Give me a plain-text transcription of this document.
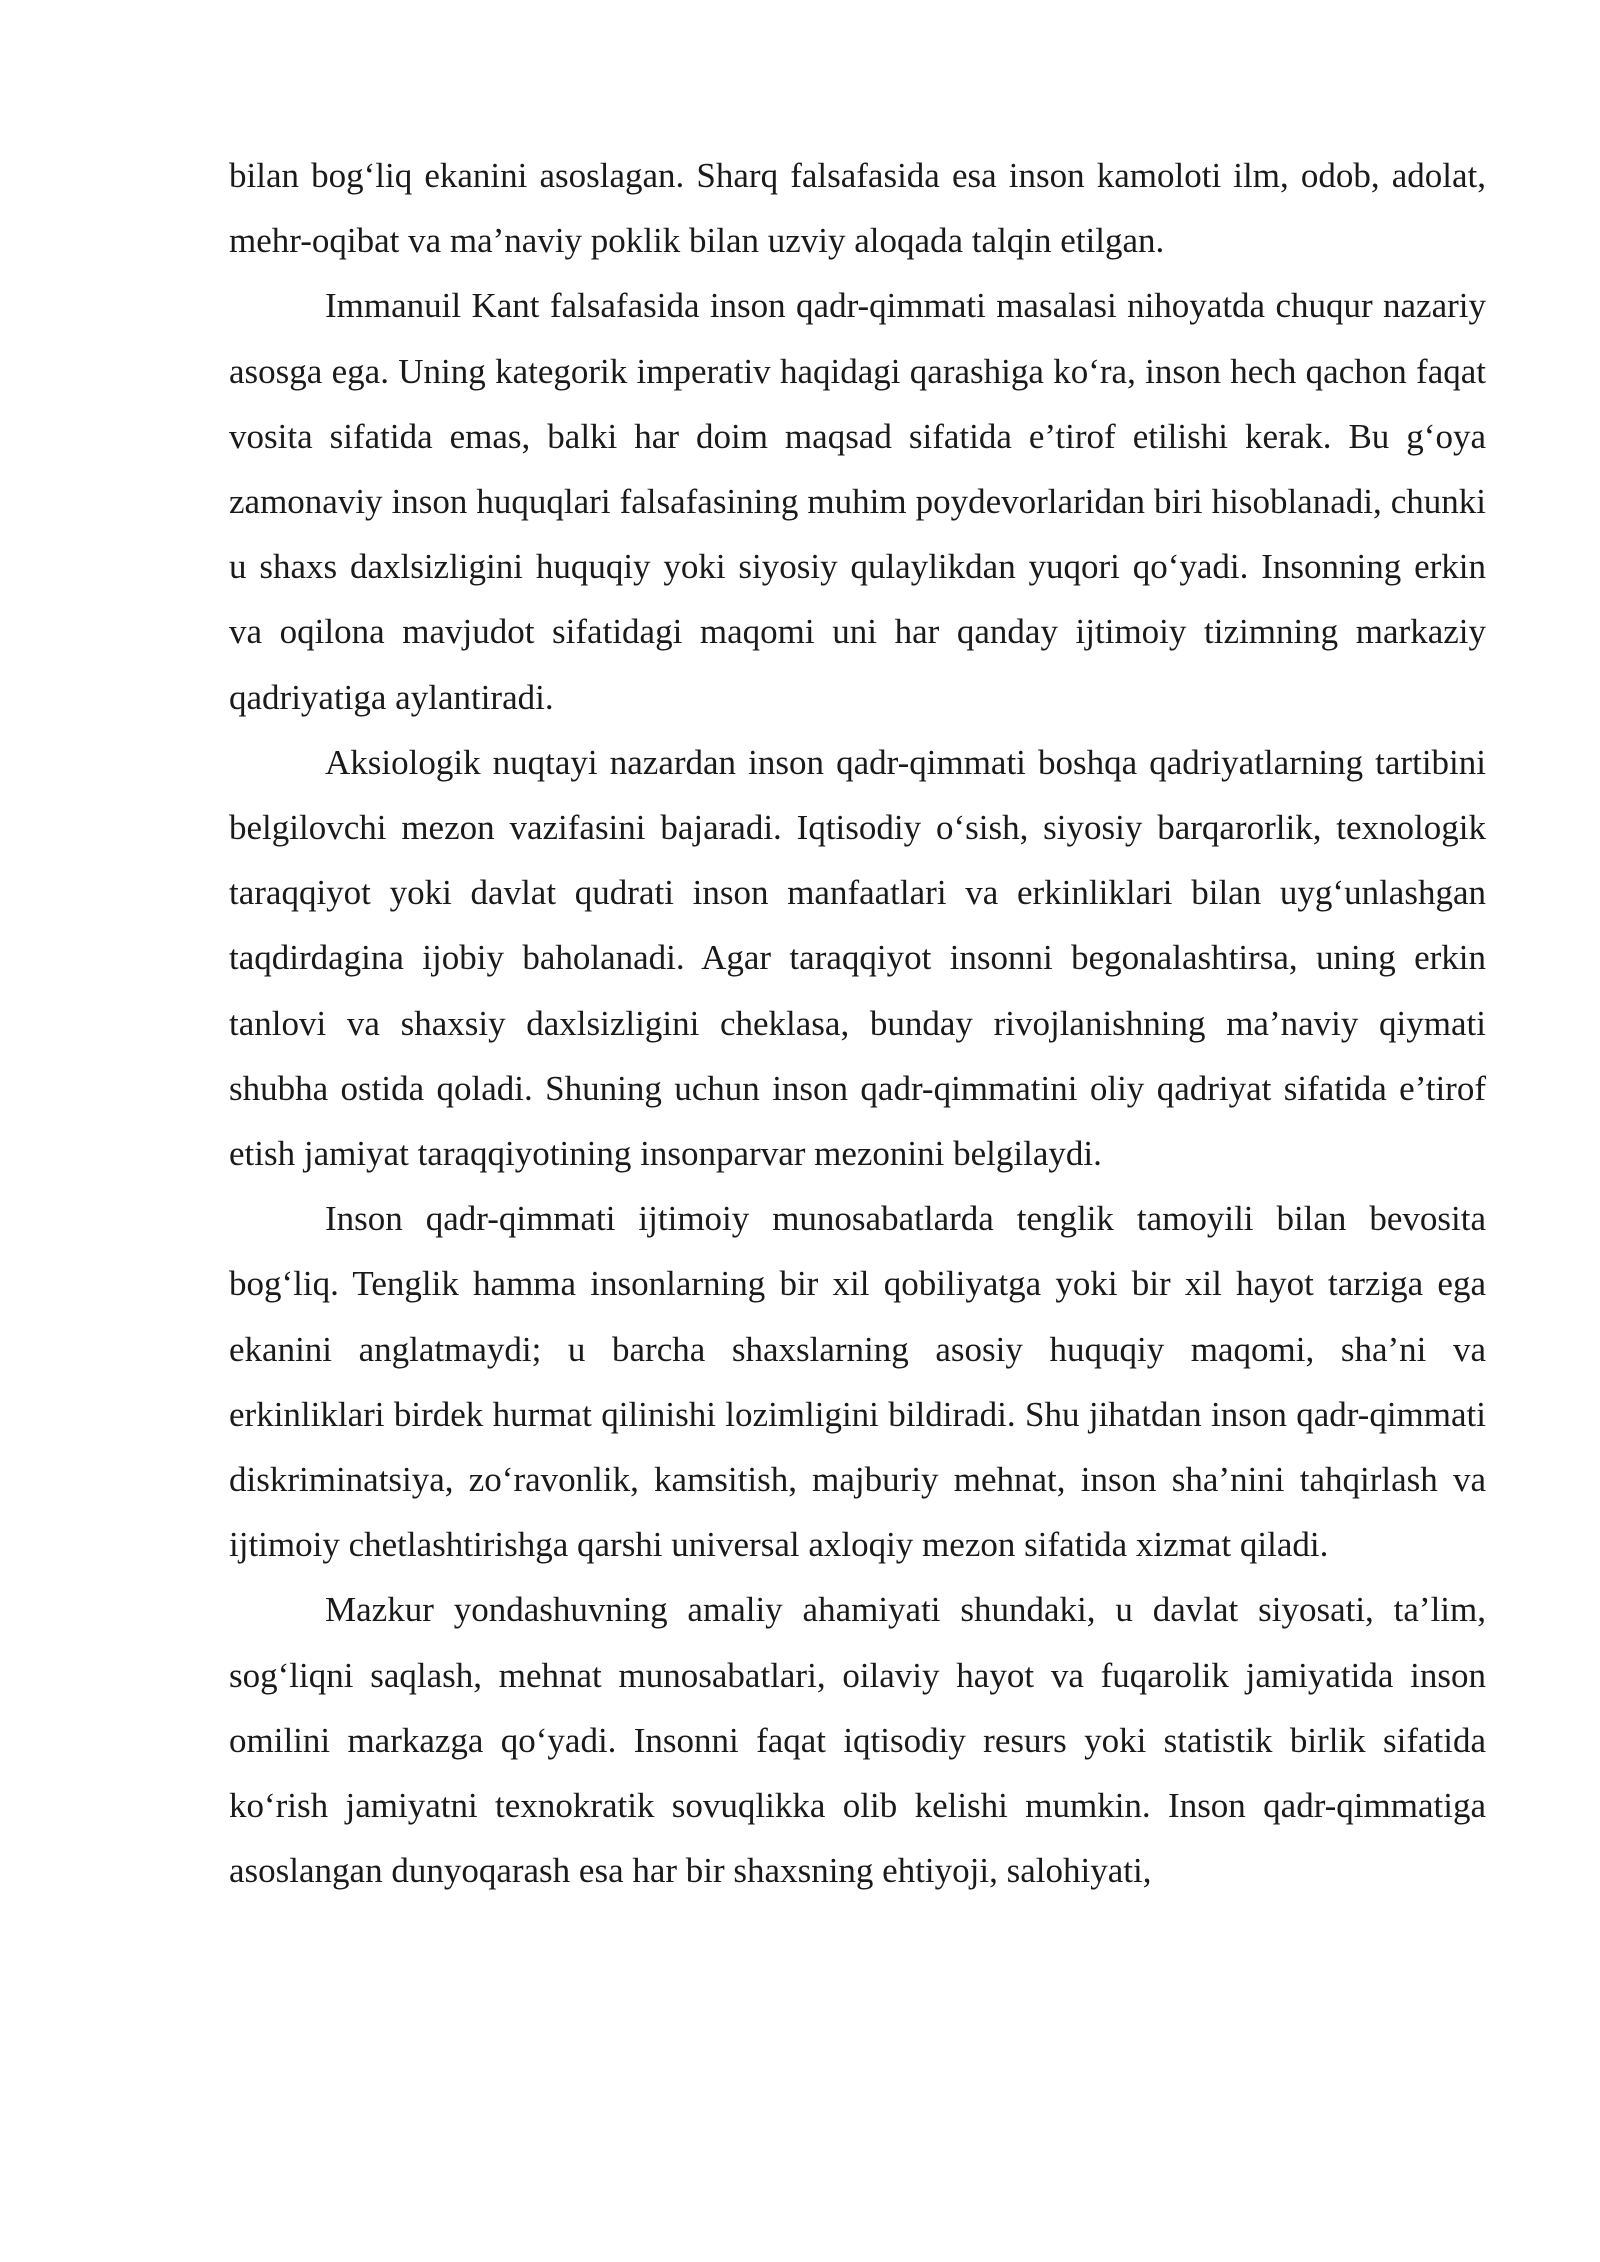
bilan bog‘liq ekanini asoslagan. Sharq falsafasida esa inson kamoloti ilm, odob, adolat, mehr-oqibat va ma’naviy poklik bilan uzviy aloqada talqin etilgan.

Immanuil Kant falsafasida inson qadr-qimmati masalasi nihoyatda chuqur nazariy asosga ega. Uning kategorik imperativ haqidagi qarashiga ko‘ra, inson hech qachon faqat vosita sifatida emas, balki har doim maqsad sifatida e’tirof etilishi kerak. Bu g‘oya zamonaviy inson huquqlari falsafasining muhim poydevorlaridan biri hisoblanadi, chunki u shaxs daxlsizligini huquqiy yoki siyosiy qulaylikdan yuqori qo‘yadi. Insonning erkin va oqilona mavjudot sifatidagi maqomi uni har qanday ijtimoiy tizimning markaziy qadriyatiga aylantiradi.

Aksiologik nuqtayi nazardan inson qadr-qimmati boshqa qadriyatlarning tartibini belgilovchi mezon vazifasini bajaradi. Iqtisodiy o‘sish, siyosiy barqarorlik, texnologik taraqqiyot yoki davlat qudrati inson manfaatlari va erkinliklari bilan uyg‘unlashgan taqdirdagina ijobiy baholanadi. Agar taraqqiyot insonni begonalashtirsa, uning erkin tanlovi va shaxsiy daxlsizligini cheklasa, bunday rivojlanishning ma’naviy qiymati shubha ostida qoladi. Shuning uchun inson qadr-qimmatini oliy qadriyat sifatida e’tirof etish jamiyat taraqqiyotining insonparvar mezonini belgilaydi.

Inson qadr-qimmati ijtimoiy munosabatlarda tenglik tamoyili bilan bevosita bog‘liq. Tenglik hamma insonlarning bir xil qobiliyatga yoki bir xil hayot tarziga ega ekanini anglatmaydi; u barcha shaxslarning asosiy huquqiy maqomi, sha’ni va erkinliklari birdek hurmat qilinishi lozimligini bildiradi. Shu jihatdan inson qadr-qimmati diskriminatsiya, zo‘ravonlik, kamsitish, majburiy mehnat, inson sha’nini tahqirlash va ijtimoiy chetlashtirishga qarshi universal axloqiy mezon sifatida xizmat qiladi.

Mazkur yondashuvning amaliy ahamiyati shundaki, u davlat siyosati, ta’lim, sog‘liqni saqlash, mehnat munosabatlari, oilaviy hayot va fuqarolik jamiyatida inson omilini markazga qo‘yadi. Insonni faqat iqtisodiy resurs yoki statistik birlik sifatida ko‘rish jamiyatni texnokratik sovuqlikka olib kelishi mumkin. Inson qadr-qimmatiga asoslangan dunyoqarash esa har bir shaxsning ehtiyoji, salohiyati,
